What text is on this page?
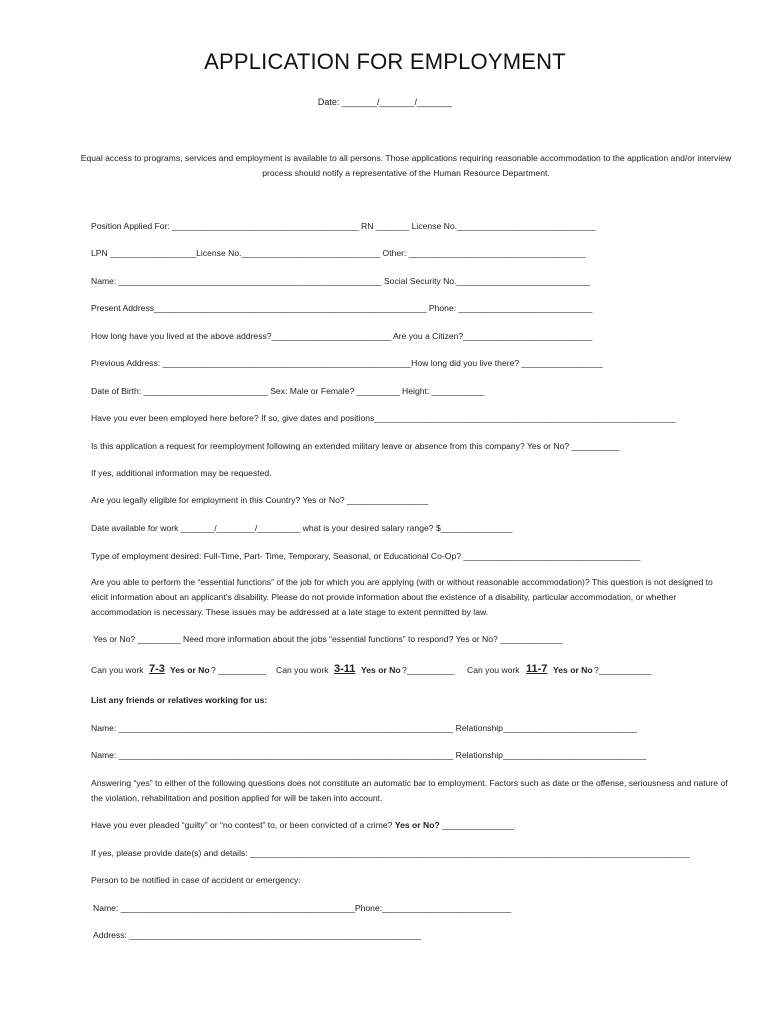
APPLICATION FOR EMPLOYMENT
Date: _______/_______/_______
Equal access to programs, services and employment is available to all persons. Those applications requiring reasonable accommodation to the application and/or interview process should notify a representative of the Human Resource Department.
Position Applied For: _______________________________________ RN _______ License No._____________________________
LPN __________________License No._____________________________ Other: _____________________________________
Name: _______________________________________________________ Social Security No.____________________________
Present Address_________________________________________________________ Phone: ____________________________
How long have you lived at the above address?_________________________ Are you a Citizen?___________________________
Previous Address: ____________________________________________________How long did you live there? _________________
Date of Birth: __________________________ Sex: Male or Female? _________ Height: ___________
Have you ever been employed here before? If so, give dates and positions_______________________________________________________________
Is this application a request for reemployment following an extended military leave or absence from this company? Yes or No? __________
If yes, additional information may be requested.
Are you legally eligible for employment in this Country? Yes or No? _________________
Date available for work _______/________/_________ what is your desired salary range? $_______________
Type of employment desired: Full-Time, Part- Time, Temporary, Seasonal, or Educational Co-Op? _____________________________________
Are you able to perform the “essential functions” of the job for which you are applying (with or without reasonable accommodation)? This question is not designed to elicit information about an applicant’s disability. Please do not provide information about the existence of a disability, particular accommodation, or whether accommodation is necessary. These issues may be addressed at a late stage to extent permitted by law.
Yes or No? _________ Need more information about the jobs “essential functions” to respond? Yes or No? _____________
Can you work 7-3 Yes or No ? __________ Can you work 3-11 Yes or No ?__________ Can you work 11-7 Yes or No ?___________
List any friends or relatives working for us:
Name: ______________________________________________________________________ Relationship____________________________
Name: ______________________________________________________________________ Relationship______________________________
Answering “yes” to either of the following questions does not constitute an automatic bar to employment. Factors such as date or the offense, seriousness and nature of the violation, rehabilitation and position applied for will be taken into account.
Have you ever pleaded “guilty” or “no contest” to, or been convicted of a crime? Yes or No? _______________
If yes, please provide date(s) and details: ____________________________________________________________________________________________
Person to be notified in case of accident or emergency:
Name: _________________________________________________Phone:___________________________
Address: _____________________________________________________________
